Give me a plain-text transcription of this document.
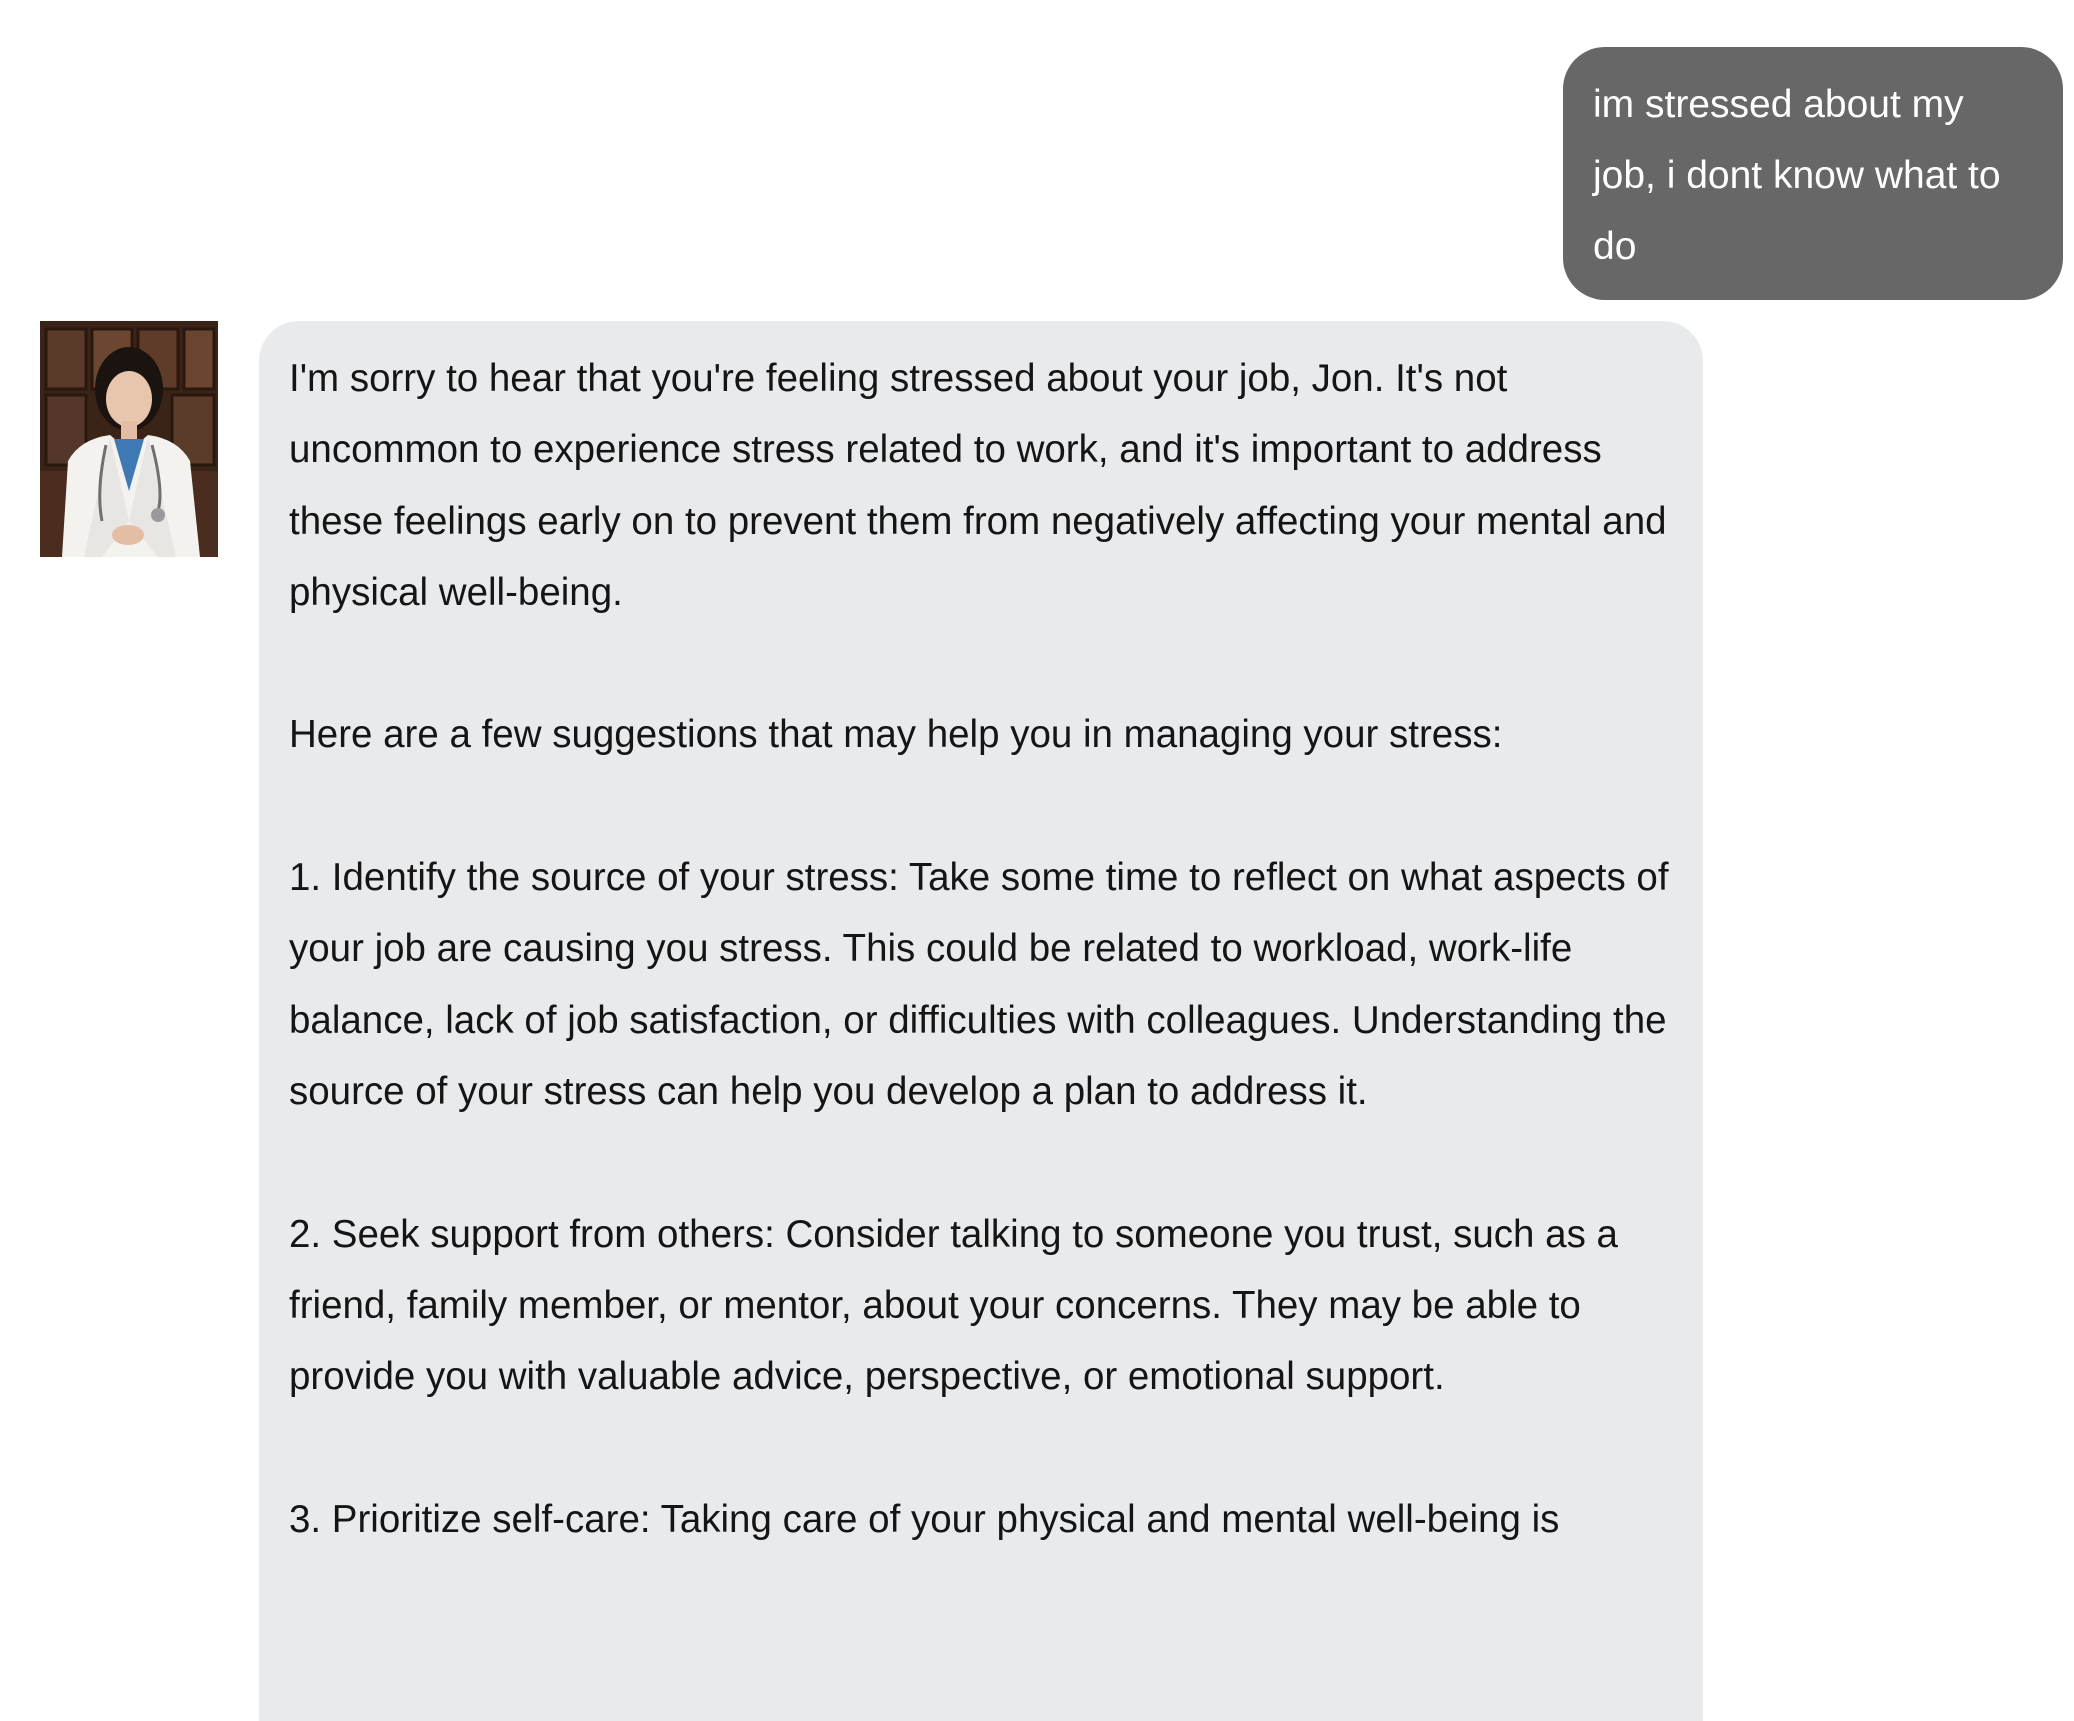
im stressed about my job, i dont know what to do

I'm sorry to hear that you're feeling stressed about your job, Jon. It's not uncommon to experience stress related to work, and it's important to address these feelings early on to prevent them from negatively affecting your mental and physical well-being.

Here are a few suggestions that may help you in managing your stress:

1. Identify the source of your stress: Take some time to reflect on what aspects of your job are causing you stress. This could be related to workload, work-life balance, lack of job satisfaction, or difficulties with colleagues. Understanding the source of your stress can help you develop a plan to address it.

2. Seek support from others: Consider talking to someone you trust, such as a friend, family member, or mentor, about your concerns. They may be able to provide you with valuable advice, perspective, or emotional support.

3. Prioritize self-care: Taking care of your physical and mental well-being is
